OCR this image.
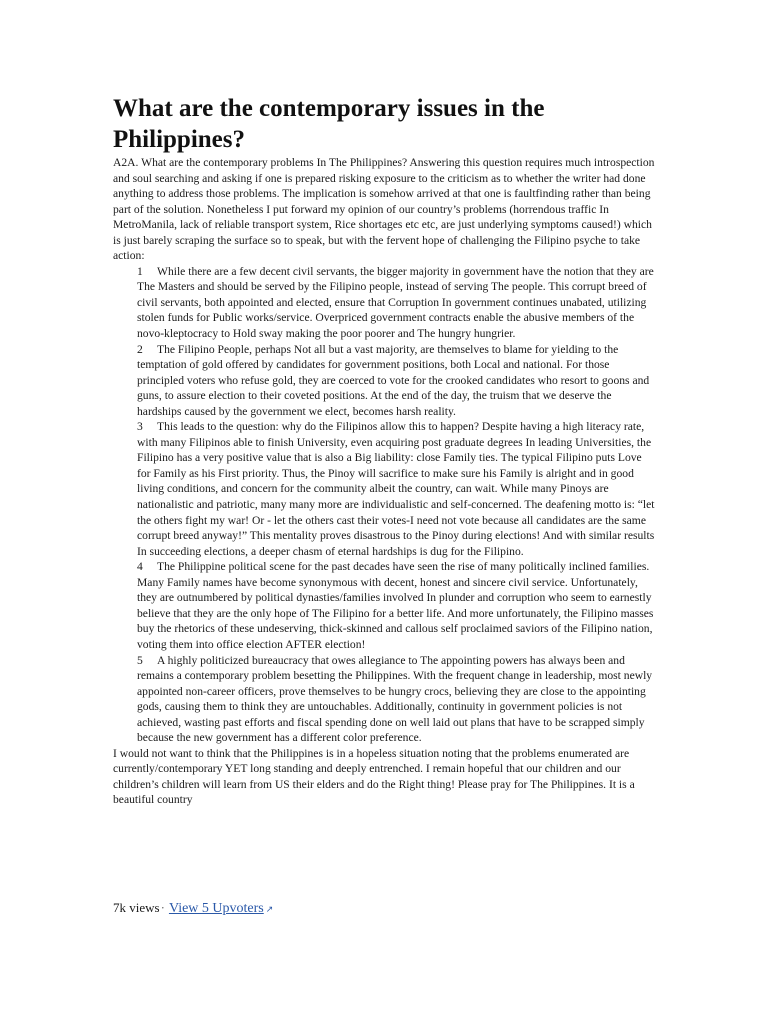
What are the contemporary issues in the Philippines?

A2A. What are the contemporary problems In The Philippines? Answering this question requires much introspection and soul searching and asking if one is prepared risking exposure to the criticism as to whether the writer had done anything to address those problems. The implication is somehow arrived at that one is faultfinding rather than being part of the solution. Nonetheless I put forward my opinion of our country’s problems (horrendous traffic In MetroManila, lack of reliable transport system, Rice shortages etc etc, are just underlying symptoms caused!) which is just barely scraping the surface so to speak, but with the fervent hope of challenging the Filipino psyche to take action:

1 While there are a few decent civil servants, the bigger majority in government have the notion that they are The Masters and should be served by the Filipino people, instead of serving The people. This corrupt breed of civil servants, both appointed and elected, ensure that Corruption In government continues unabated, utilizing stolen funds for Public works/service. Overpriced government contracts enable the abusive members of the novo-kleptocracy to Hold sway making the poor poorer and The hungry hungrier.

2 The Filipino People, perhaps Not all but a vast majority, are themselves to blame for yielding to the temptation of gold offered by candidates for government positions, both Local and national. For those principled voters who refuse gold, they are coerced to vote for the crooked candidates who resort to goons and guns, to assure election to their coveted positions. At the end of the day, the truism that we deserve the hardships caused by the government we elect, becomes harsh reality.

3 This leads to the question: why do the Filipinos allow this to happen? Despite having a high literacy rate, with many Filipinos able to finish University, even acquiring post graduate degrees In leading Universities, the Filipino has a very positive value that is also a Big liability: close Family ties. The typical Filipino puts Love for Family as his First priority. Thus, the Pinoy will sacrifice to make sure his Family is alright and in good living conditions, and concern for the community albeit the country, can wait. While many Pinoys are nationalistic and patriotic, many many more are individualistic and self-concerned. The deafening motto is: “let the others fight my war! Or - let the others cast their votes-I need not vote because all candidates are the same corrupt breed anyway!” This mentality proves disastrous to the Pinoy during elections! And with similar results In succeeding elections, a deeper chasm of eternal hardships is dug for the Filipino.

4 The Philippine political scene for the past decades have seen the rise of many politically inclined families. Many Family names have become synonymous with decent, honest and sincere civil service. Unfortunately, they are outnumbered by political dynasties/families involved In plunder and corruption who seem to earnestly believe that they are the only hope of The Filipino for a better life. And more unfortunately, the Filipino masses buy the rhetorics of these undeserving, thick-skinned and callous self proclaimed saviors of the Filipino nation, voting them into office election AFTER election!

5 A highly politicized bureaucracy that owes allegiance to The appointing powers has always been and remains a contemporary problem besetting the Philippines. With the frequent change in leadership, most newly appointed non-career officers, prove themselves to be hungry crocs, believing they are close to the appointing gods, causing them to think they are untouchables. Additionally, continuity in government policies is not achieved, wasting past efforts and fiscal spending done on well laid out plans that have to be scrapped simply because the new government has a different color preference.

I would not want to think that the Philippines is in a hopeless situation noting that the problems enumerated are currently/contemporary YET long standing and deeply entrenched. I remain hopeful that our children and our children’s children will learn from US their elders and do the Right thing! Please pray for The Philippines. It is a beautiful country

7k views· View 5 Upvoters ↗
